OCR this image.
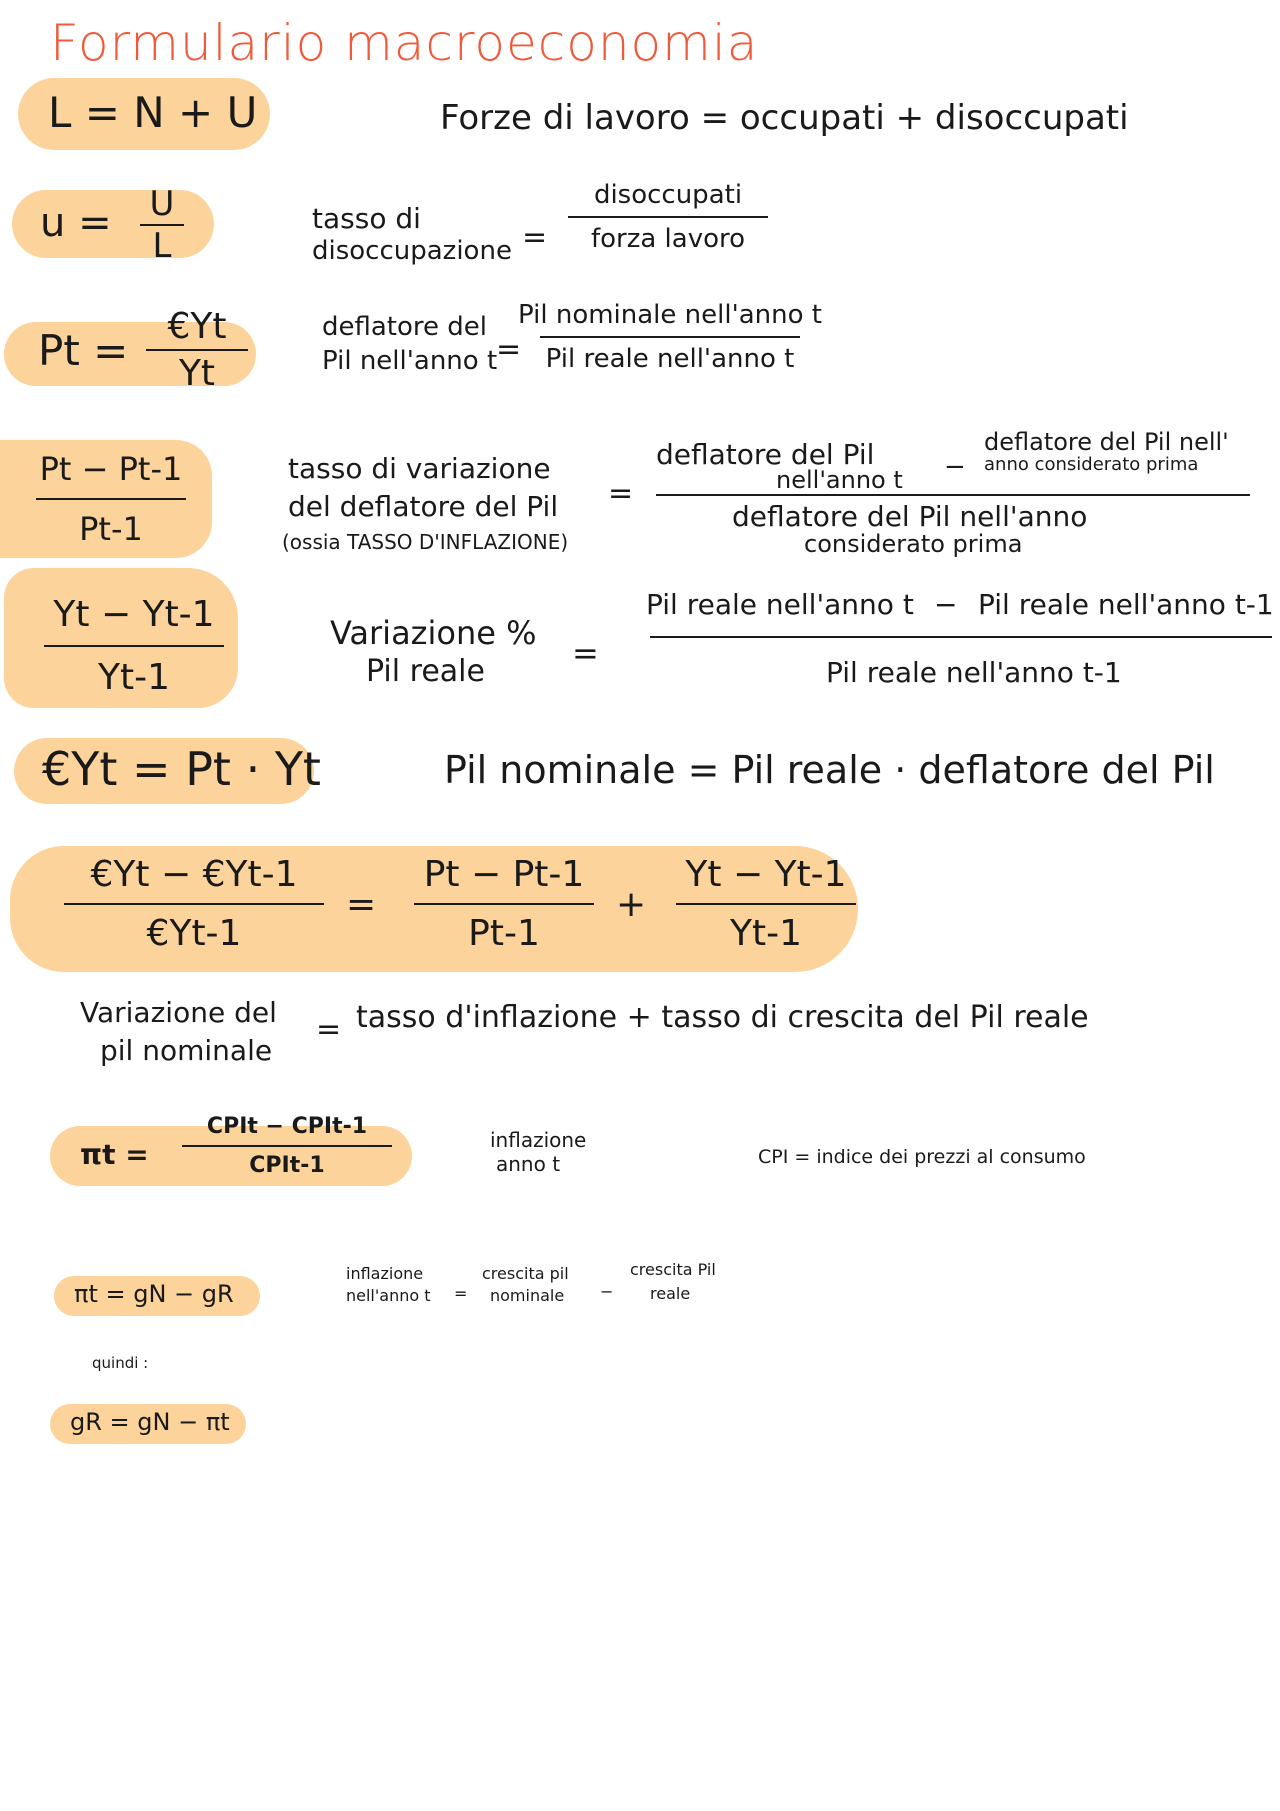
Formulario macroeconomia
L = N + U	Forze di lavoro = occupati + disoccupati
u = U
L
tasso di
disoccupazione =
disoccupati
forza lavoro
Pt = €Yt
Yt
deflatore del
Pil nell'anno t
=
Pil nominale nell'anno t
Pil reale nell'anno t
Pt − Pt-1
Pt-1
tasso di variazione
del deflatore del Pil
(ossia TASSO D'INFLAZIONE)
=
deflatore del Pil
nell'anno t −
deflatore del Pil nell'
anno considerato prima
deflatore del Pil nell'anno
considerato prima
Yt − Yt-1
Yt-1
Variazione %
Pil reale	=
Pil reale nell'anno t − Pil reale nell'anno t-1
Pil reale nell'anno t-1
€Yt = Pt · Yt	Pil nominale = Pil reale · deflatore del Pil
€Yt − €Yt-1
€Yt-1
=
Pt − Pt-1
Pt-1
+
Yt − Yt-1
Yt-1
Variazione del
pil nominale
= tasso d'inflazione + tasso di crescita del Pil reale
πt =
CPIt − CPIt-1
CPIt-1
inflazione
anno t	CPI = indice dei prezzi al consumo
πt = gN − gR
inflazione
nell'anno t =
crescita pil
nominale −
crescita Pil
reale
quindi :
gR = gN − πt
